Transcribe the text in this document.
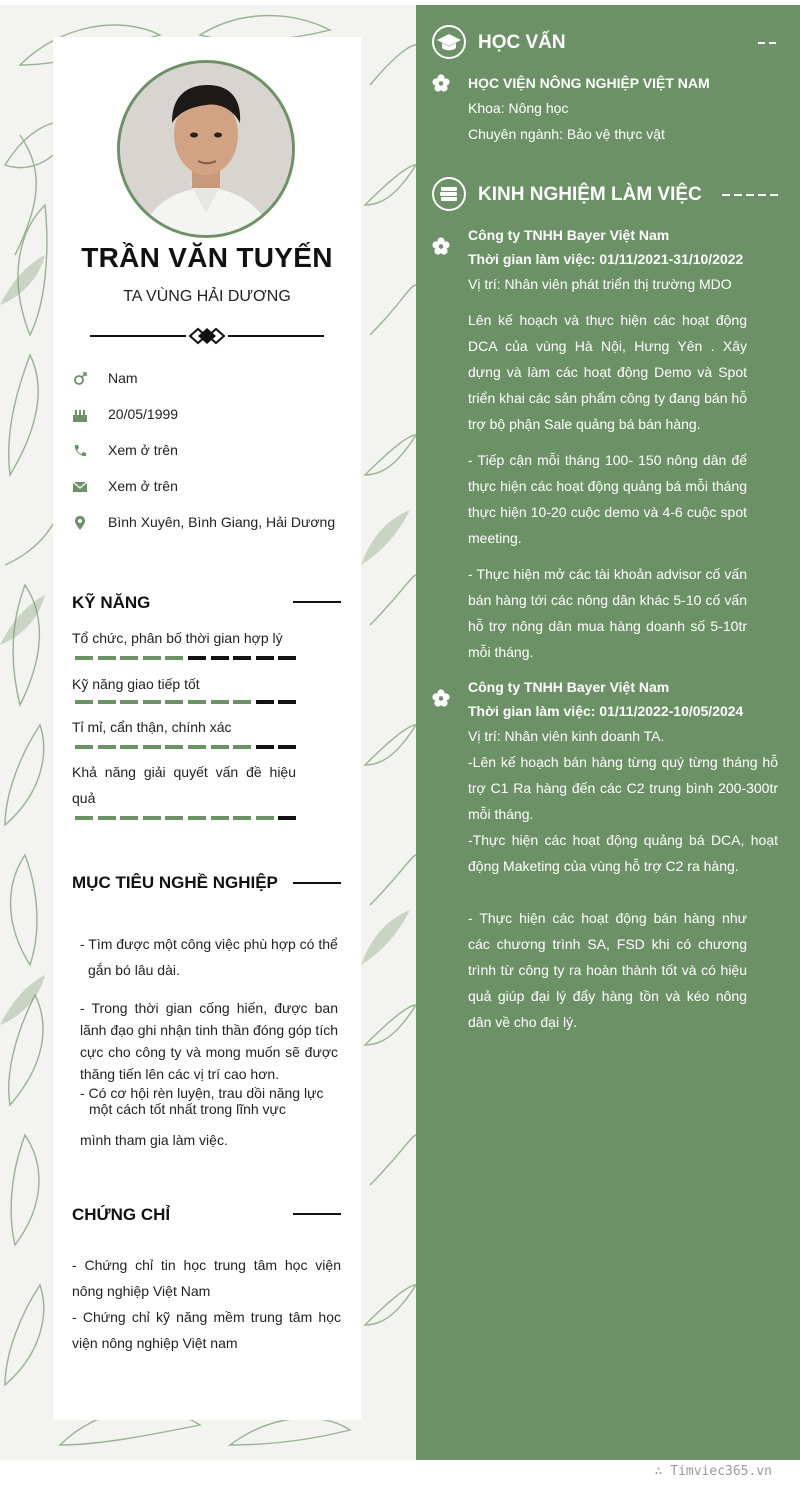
TRẦN VĂN TUYẾN
TA VÙNG HẢI DƯƠNG
Nam
20/05/1999
Xem ở trên
Xem ở trên
Bình Xuyên, Bình Giang, Hải Dương
KỸ NĂNG
Tổ chức, phân bố thời gian hợp lý
Kỹ năng giao tiếp tốt
Tỉ mỉ, cẩn thận, chính xác
Khả năng giải quyết vấn đề hiệu
quả
MỤC TIÊU NGHỀ NGHIỆP
- Tìm được một công việc phù hợp có thể
gắn bó lâu dài.
- Trong thời gian cống hiến, được ban lãnh đạo ghi nhận tinh thần đóng góp tích cực cho công ty và mong muốn sẽ được thăng tiến lên các vị trí cao hơn.
- Có cơ hội rèn luyện, trau dồi năng lực
một cách tốt nhất trong lĩnh vực
mình tham gia làm việc.
CHỨNG CHỈ
- Chứng chỉ tin học trung tâm học viện nông nghiệp Việt Nam
- Chứng chỉ kỹ năng mềm trung tâm học viện nông nghiệp Việt nam
HỌC VẤN
HỌC VIỆN NÔNG NGHIỆP VIỆT NAM
Khoa: Nông học
Chuyên ngành: Bảo vệ thực vật
KINH NGHIỆM LÀM VIỆC
Công ty TNHH Bayer Việt Nam
Thời gian làm việc: 01/11/2021-31/10/2022
Vị trí: Nhân viên phát triển thị trường MDO
Lên kế hoạch và thực hiện các hoạt động DCA của vùng Hà Nội, Hưng Yên . Xây dựng và làm các hoạt động Demo và Spot triển khai các sản phẩm công ty đang bán hỗ trợ bộ phận Sale quảng bá bán hàng.
- Tiếp cận mỗi tháng 100- 150 nông dân để thực hiện các hoạt động quảng bá mỗi tháng thực hiện 10-20 cuộc demo và 4-6 cuộc spot meeting.
- Thực hiện mở các tài khoản advisor cố vấn bán hàng tới các nông dân khác 5-10 cố vấn hỗ trợ nông dân mua hàng doanh số 5-10tr mỗi tháng.
Công ty TNHH Bayer Việt Nam
Thời gian làm việc: 01/11/2022-10/05/2024
Vị trí: Nhân viên kinh doanh TA.
-Lên kế hoạch bán hàng từng quý từng tháng hỗ trợ C1 Ra hàng đến các C2 trung bình 200-300tr mỗi tháng.
-Thực hiện các hoạt động quảng bá DCA, hoạt động Maketing của vùng hỗ trợ C2 ra hàng.
- Thực hiện các hoạt động bán hàng như các chương trình SA, FSD khi có chương trình từ công ty ra hoàn thành tốt và có hiệu quả giúp đại lý đẩy hàng tồn và kéo nông dân về cho đại lý.
∴ Timviec365.vn
